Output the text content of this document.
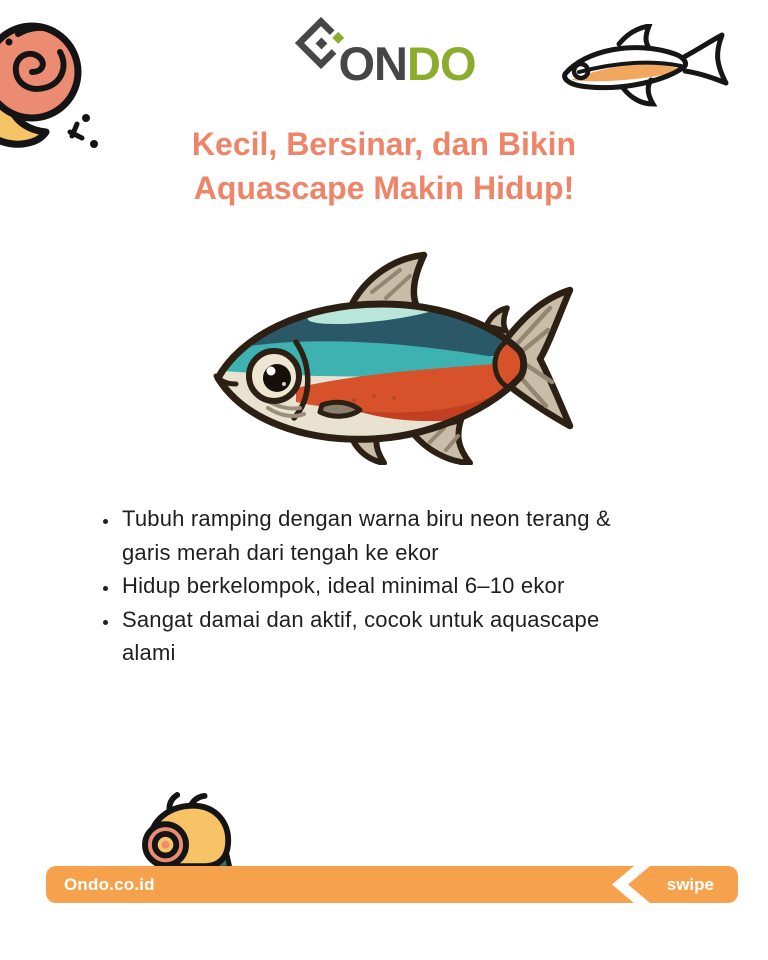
ONDO
Kecil, Bersinar, dan Bikin
Aquascape Makin Hidup!
• Tubuh ramping dengan warna biru neon terang & garis merah dari tengah ke ekor
• Hidup berkelompok, ideal minimal 6–10 ekor
• Sangat damai dan aktif, cocok untuk aquascape alami
Ondo.co.id	swipe
